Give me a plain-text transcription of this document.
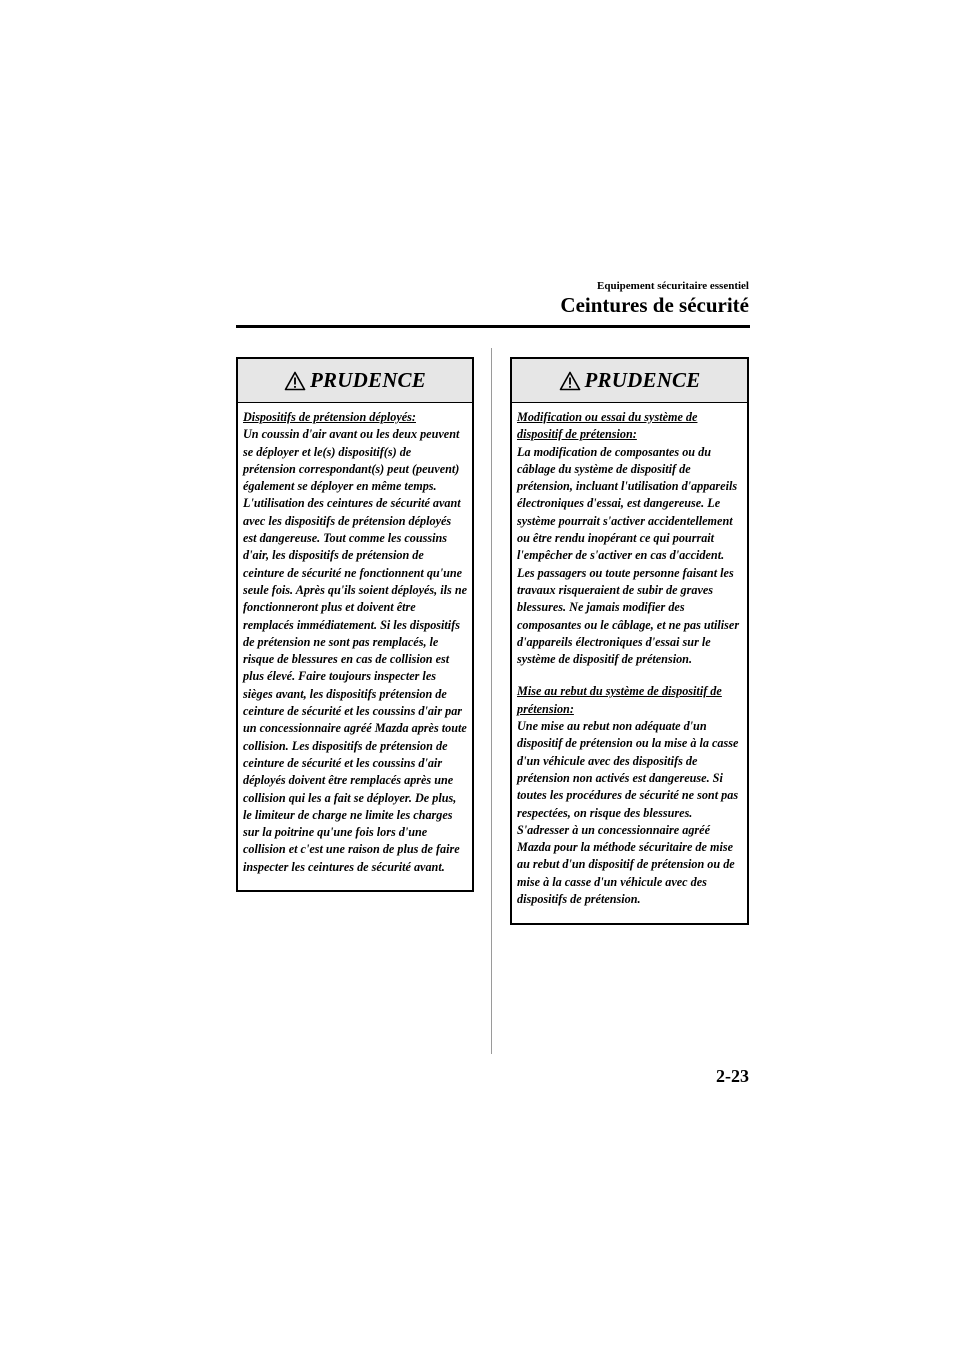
Equipement sécuritaire essentiel
Ceintures de sécurité
PRUDENCE

Dispositifs de prétension déployés:
Un coussin d'air avant ou les deux peuvent se déployer et le(s) dispositif(s) de prétension correspondant(s) peut (peuvent) également se déployer en même temps. L'utilisation des ceintures de sécurité avant avec les dispositifs de prétension déployés est dangereuse. Tout comme les coussins d'air, les dispositifs de prétension de ceinture de sécurité ne fonctionnent qu'une seule fois. Après qu'ils soient déployés, ils ne fonctionneront plus et doivent être remplacés immédiatement. Si les dispositifs de prétension ne sont pas remplacés, le risque de blessures en cas de collision est plus élevé. Faire toujours inspecter les sièges avant, les dispositifs prétension de ceinture de sécurité et les coussins d'air par un concessionnaire agréé Mazda après toute collision. Les dispositifs de prétension de ceinture de sécurité et les coussins d'air déployés doivent être remplacés après une collision qui les a fait se déployer. De plus, le limiteur de charge ne limite les charges sur la poitrine qu'une fois lors d'une collision et c'est une raison de plus de faire inspecter les ceintures de sécurité avant.

PRUDENCE

Modification ou essai du système de dispositif de prétension:
La modification de composantes ou du câblage du système de dispositif de prétension, incluant l'utilisation d'appareils électroniques d'essai, est dangereuse. Le système pourrait s'activer accidentellement ou être rendu inopérant ce qui pourrait l'empêcher de s'activer en cas d'accident. Les passagers ou toute personne faisant les travaux risqueraient de subir de graves blessures. Ne jamais modifier des composantes ou le câblage, et ne pas utiliser d'appareils électroniques d'essai sur le système de dispositif de prétension.

Mise au rebut du système de dispositif de prétension:
Une mise au rebut non adéquate d'un dispositif de prétension ou la mise à la casse d'un véhicule avec des dispositifs de prétension non activés est dangereuse. Si toutes les procédures de sécurité ne sont pas respectées, on risque des blessures. S'adresser à un concessionnaire agréé Mazda pour la méthode sécuritaire de mise au rebut d'un dispositif de prétension ou de mise à la casse d'un véhicule avec des dispositifs de prétension.

2-23
